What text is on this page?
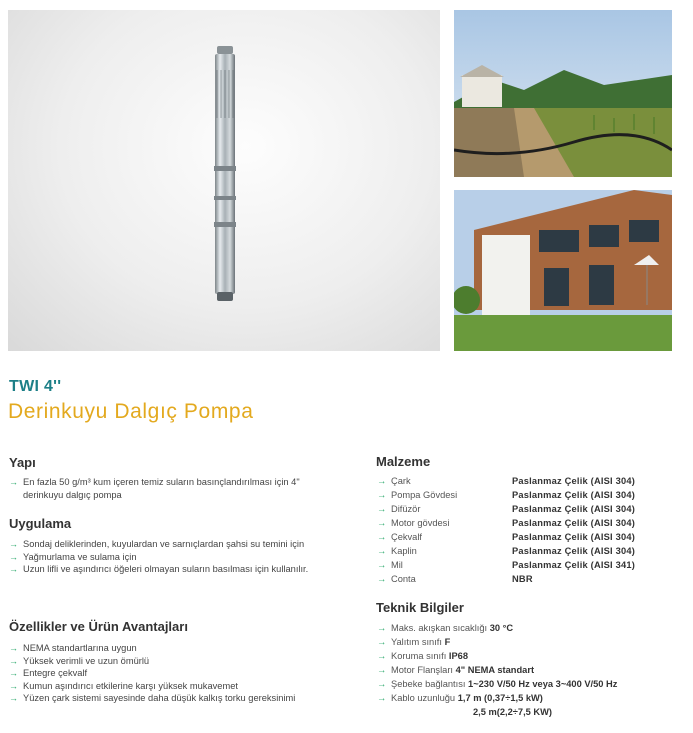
TWI 4''
Derinkuyu Dalgıç Pompa
Yapı
→ En fazla 50 g/m³ kum içeren temiz suların basınçlandırılması için 4" derinkuyu dalgıç pompa
Uygulama
→ Sondaj deliklerinden, kuyulardan ve sarnıçlardan şahsi su temini için
→ Yağmurlama ve sulama için
→ Uzun lifli ve aşındırıcı öğeleri olmayan suların basılması için kullanılır.
Özellikler ve Ürün Avantajları
→ NEMA standartlarına uygun
→ Yüksek verimli ve uzun ömürlü
→ Entegre çekvalf
→ Kumun aşındırıcı etkilerine karşı yüksek mukavemet
→ Yüzen çark sistemi sayesinde daha düşük kalkış torku gereksinimi
Malzeme
→ Çark	Paslanmaz Çelik (AISI 304)
→ Pompa Gövdesi	Paslanmaz Çelik (AISI 304)
→ Difüzör	Paslanmaz Çelik (AISI 304)
→ Motor gövdesi	Paslanmaz Çelik (AISI 304)
→ Çekvalf	Paslanmaz Çelik (AISI 304)
→ Kaplin	Paslanmaz Çelik (AISI 304)
→ Mil	Paslanmaz Çelik (AISI 341)
→ Conta	NBR
Teknik Bilgiler
→ Maks. akışkan sıcaklığı 30 °C
→ Yalıtım sınıfı F
→ Koruma sınıfı IP68
→ Motor Flanşları 4" NEMA standart
→ Şebeke bağlantısı 1~230 V/50 Hz veya 3~400 V/50 Hz
→ Kablo uzunluğu 1,7 m (0,37÷1,5 kW)
2,5 m(2,2÷7,5 KW)
